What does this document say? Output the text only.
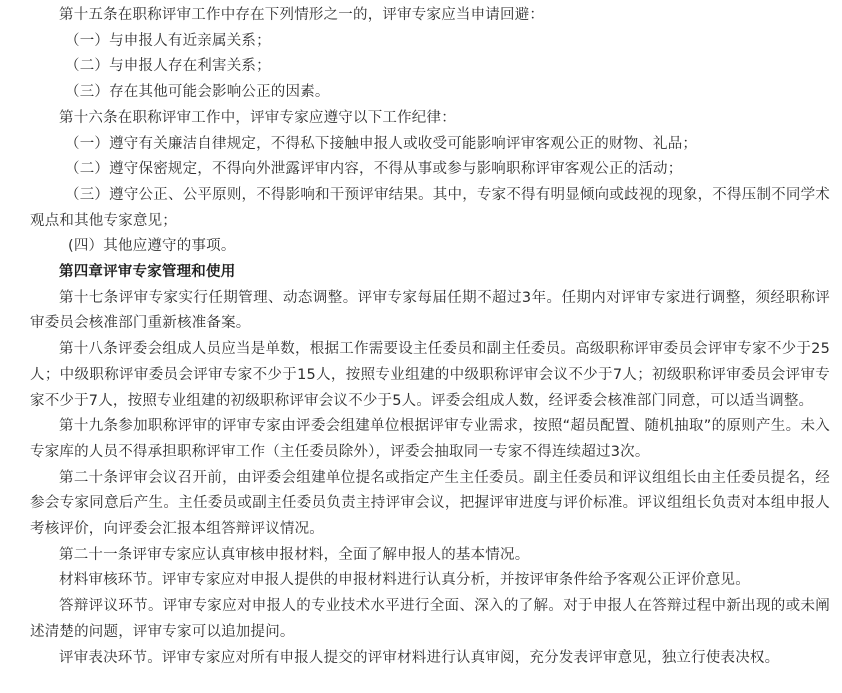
第十五条在职称评审工作中存在下列情形之一的，评审专家应当申请回避：

（一）与申报人有近亲属关系；

（二）与申报人存在利害关系；

（三）存在其他可能会影响公正的因素。

第十六条在职称评审工作中，评审专家应遵守以下工作纪律：

（一）遵守有关廉洁自律规定，不得私下接触申报人或收受可能影响评审客观公正的财物、礼品；

（二）遵守保密规定，不得向外泄露评审内容，不得从事或参与影响职称评审客观公正的活动；

（三）遵守公正、公平原则，不得影响和干预评审结果。其中，专家不得有明显倾向或歧视的现象，不得压制不同学术观点和其他专家意见；

(四）其他应遵守的事项。

第四章评审专家管理和使用

第十七条评审专家实行任期管理、动态调整。评审专家每届任期不超过3年。任期内对评审专家进行调整，须经职称评审委员会核准部门重新核准备案。

第十八条评委会组成人员应当是单数，根据工作需要设主任委员和副主任委员。高级职称评审委员会评审专家不少于25人；中级职称评审委员会评审专家不少于15人，按照专业组建的中级职称评审会议不少于7人；初级职称评审委员会评审专家不少于7人，按照专业组建的初级职称评审会议不少于5人。评委会组成人数，经评委会核准部门同意，可以适当调整。

第十九条参加职称评审的评审专家由评委会组建单位根据评审专业需求，按照“超员配置、随机抽取”的原则产生。未入专家库的人员不得承担职称评审工作（主任委员除外），评委会抽取同一专家不得连续超过3次。

第二十条评审会议召开前，由评委会组建单位提名或指定产生主任委员。副主任委员和评议组组长由主任委员提名，经参会专家同意后产生。主任委员或副主任委员负责主持评审会议，把握评审进度与评价标准。评议组组长负责对本组申报人考核评价，向评委会汇报本组答辩评议情况。

第二十一条评审专家应认真审核申报材料，全面了解申报人的基本情况。

材料审核环节。评审专家应对申报人提供的申报材料进行认真分析，并按评审条件给予客观公正评价意见。

答辩评议环节。评审专家应对申报人的专业技术水平进行全面、深入的了解。对于申报人在答辩过程中新出现的或未阐述清楚的问题，评审专家可以追加提问。

评审表决环节。评审专家应对所有申报人提交的评审材料进行认真审阅，充分发表评审意见，独立行使表决权。
